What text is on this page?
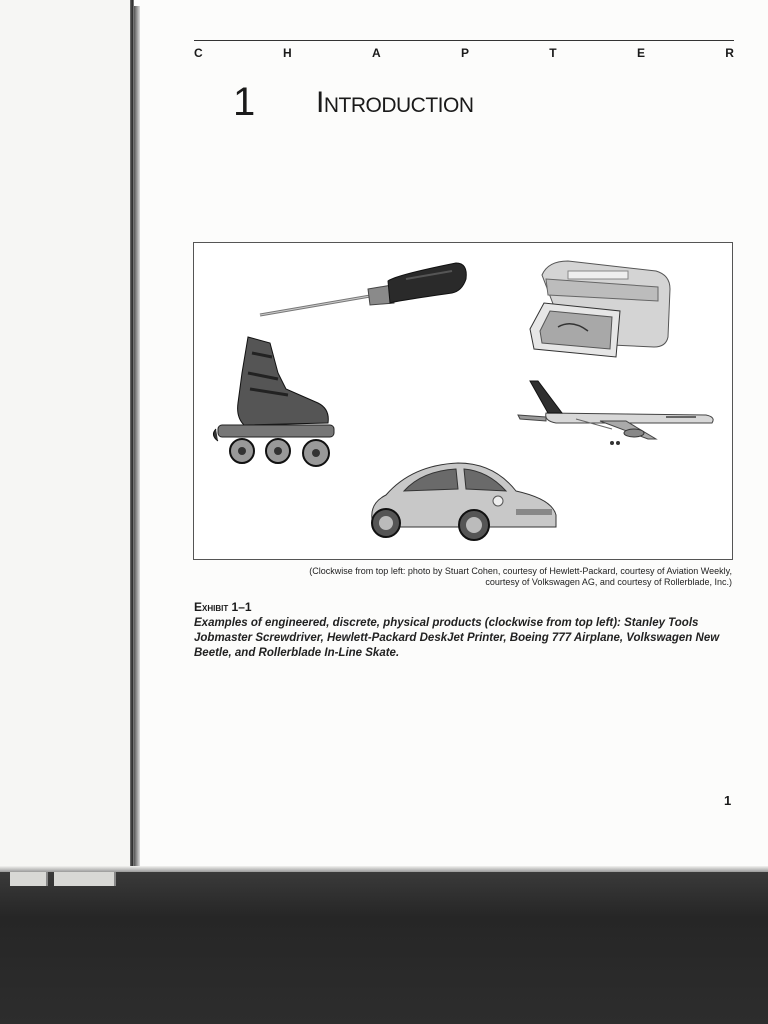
C	H	A	P	T	E	R
1 Introduction
(Clockwise from top left: photo by Stuart Cohen, courtesy of Hewlett-Packard, courtesy of Aviation Weekly,
courtesy of Volkswagen AG, and courtesy of Rollerblade, Inc.)
Exhibit 1–1
Examples of engineered, discrete, physical products (clockwise from top left): Stanley Tools Jobmaster Screwdriver, Hewlett-Packard DeskJet Printer, Boeing 777 Airplane, Volkswagen New Beetle, and Rollerblade In-Line Skate.
1
